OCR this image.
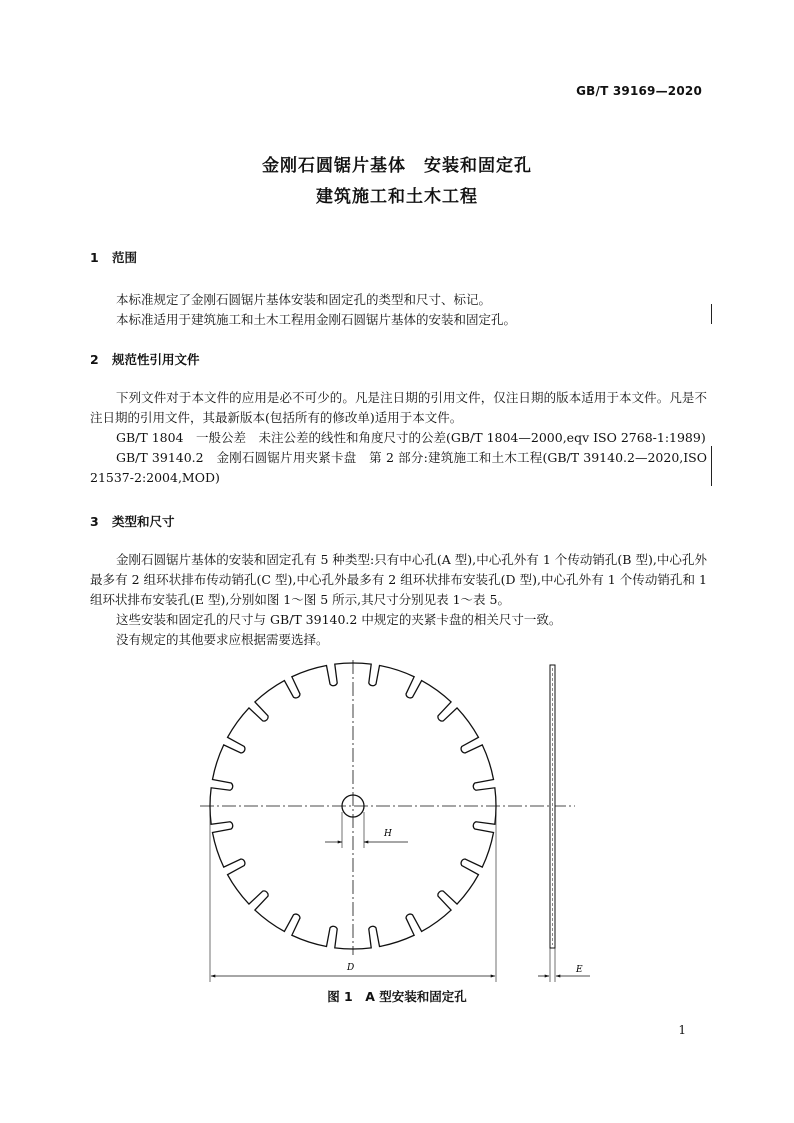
GB/T 39169—2020
金刚石圆锯片基体　安装和固定孔
建筑施工和土木工程
1 范围
本标准规定了金刚石圆锯片基体安装和固定孔的类型和尺寸、标记。
本标准适用于建筑施工和土木工程用金刚石圆锯片基体的安装和固定孔。
2 规范性引用文件
下列文件对于本文件的应用是必不可少的。凡是注日期的引用文件，仅注日期的版本适用于本文件。凡是不注日期的引用文件，其最新版本(包括所有的修改单)适用于本文件。
GB/T 1804　一般公差　未注公差的线性和角度尺寸的公差(GB/T 1804—2000,eqv ISO 2768-1:1989)
GB/T 39140.2　金刚石圆锯片用夹紧卡盘　第 2 部分:建筑施工和土木工程(GB/T 39140.2—2020,ISO 21537-2:2004,MOD)
3 类型和尺寸
金刚石圆锯片基体的安装和固定孔有 5 种类型:只有中心孔(A 型),中心孔外有 1 个传动销孔(B 型),中心孔外最多有 2 组环状排布传动销孔(C 型),中心孔外最多有 2 组环状排布安装孔(D 型),中心孔外有 1 个传动销孔和 1 组环状排布安装孔(E 型),分别如图 1～图 5 所示,其尺寸分别见表 1～表 5。
这些安装和固定孔的尺寸与 GB/T 39140.2 中规定的夹紧卡盘的相关尺寸一致。
没有规定的其他要求应根据需要选择。
H
D	E
图 1　A 型安装和固定孔
1
